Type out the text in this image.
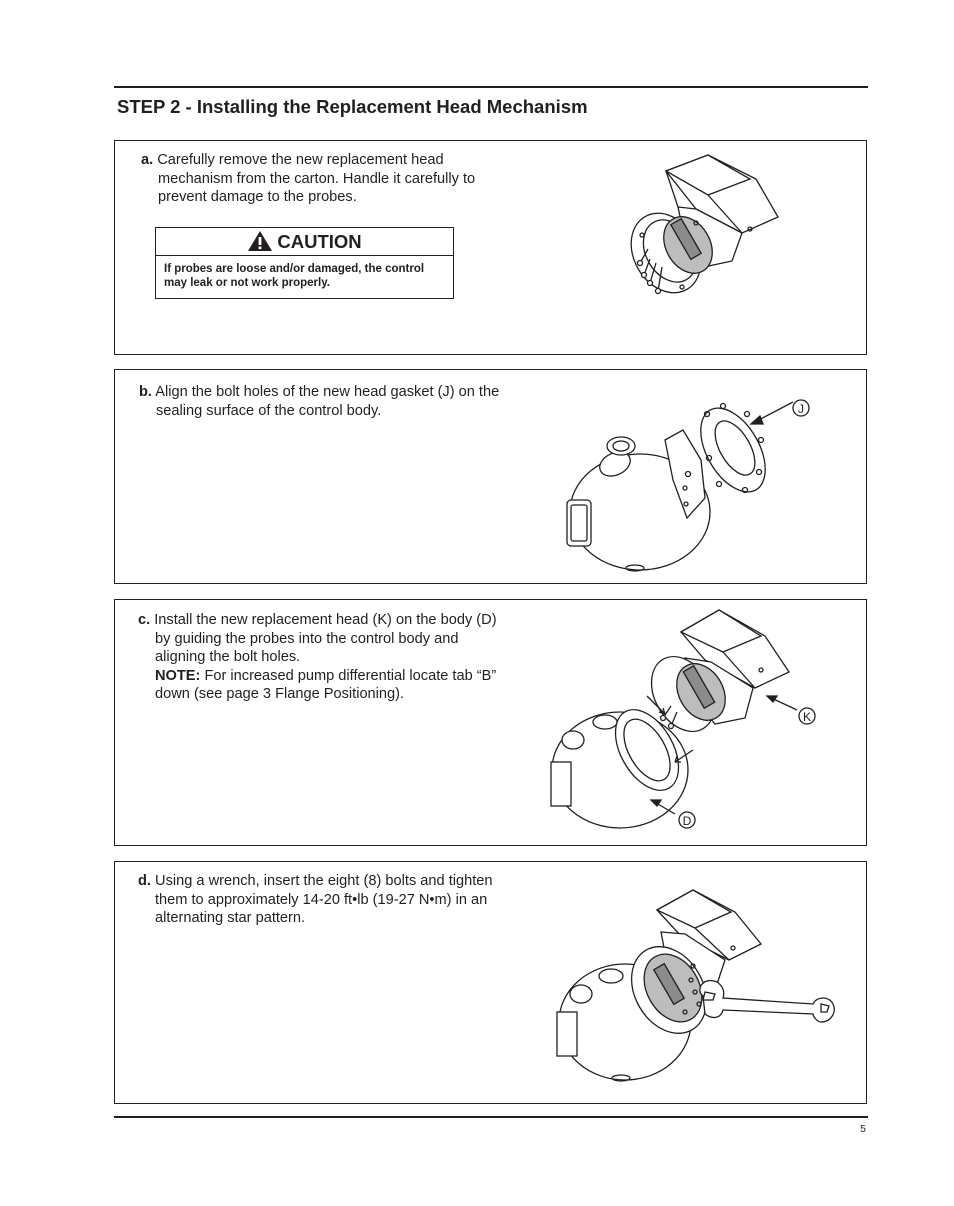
STEP 2 - Installing the Replacement Head Mechanism
a. Carefully remove the new replacement head mechanism from the carton. Handle it carefully to prevent damage to the probes.
CAUTION
If probes are loose and/or damaged, the control may leak or not work properly.
b. Align the bolt holes of the new head gasket (J) on the sealing surface of the control body.	J
c. Install the new replacement head (K) on the body (D) by guiding the probes into the control body and aligning the bolt holes.
NOTE: For increased pump differential locate tab “B” down (see page 3 Flange Positioning).
K
D
d. Using a wrench, insert the eight (8) bolts and tighten them to approximately 14-20 ft•lb (19-27 N•m) in an alternating star pattern.
5
